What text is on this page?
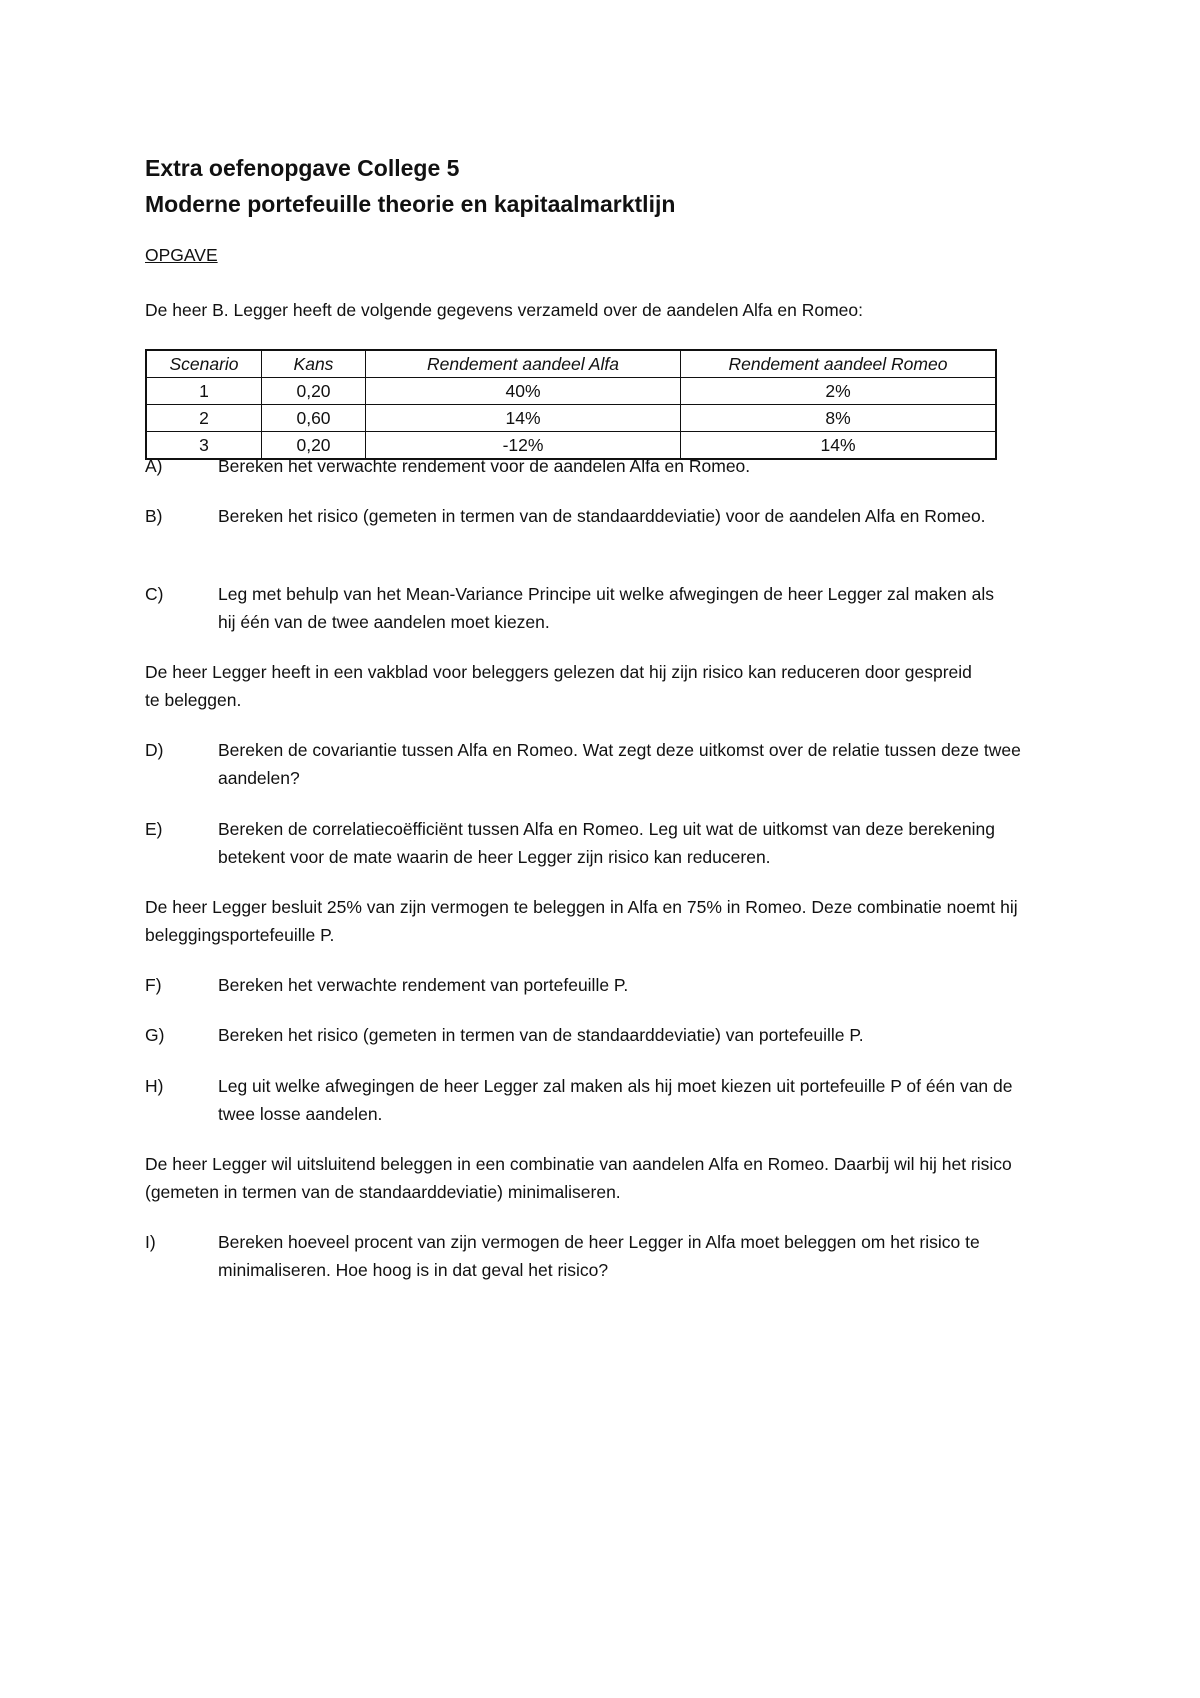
Extra oefenopgave College 5

Moderne portefeuille theorie en kapitaalmarktlijn

OPGAVE

De heer B. Legger heeft de volgende gegevens verzameld over de aandelen Alfa en Romeo:

Scenario	Kans	Rendement aandeel Alfa	Rendement aandeel Romeo
1	0,20	40%	2%
2	0,60	14%	8%
3	0,20	-12%	14%
A)	Bereken het verwachte rendement voor de aandelen Alfa en Romeo.
B)	Bereken het risico (gemeten in termen van de standaarddeviatie) voor de aandelen Alfa en Romeo.
C)	Leg met behulp van het Mean-Variance Principe uit welke afwegingen de heer Legger zal maken als hij één van de twee aandelen moet kiezen.

De heer Legger heeft in een vakblad voor beleggers gelezen dat hij zijn risico kan reduceren door gespreid te beleggen.

D)	Bereken de covariantie tussen Alfa en Romeo. Wat zegt deze uitkomst over de relatie tussen deze twee aandelen?
E)	Bereken de correlatiecoëfficiënt tussen Alfa en Romeo. Leg uit wat de uitkomst van deze berekening betekent voor de mate waarin de heer Legger zijn risico kan reduceren.

De heer Legger besluit 25% van zijn vermogen te beleggen in Alfa en 75% in Romeo. Deze combinatie noemt hij beleggingsportefeuille P.

F)	Bereken het verwachte rendement van portefeuille P.
G)	Bereken het risico (gemeten in termen van de standaarddeviatie) van portefeuille P.
H)	Leg uit welke afwegingen de heer Legger zal maken als hij moet kiezen uit portefeuille P of één van de twee losse aandelen.

De heer Legger wil uitsluitend beleggen in een combinatie van aandelen Alfa en Romeo. Daarbij wil hij het risico (gemeten in termen van de standaarddeviatie) minimaliseren.

I)	Bereken hoeveel procent van zijn vermogen de heer Legger in Alfa moet beleggen om het risico te minimaliseren. Hoe hoog is in dat geval het risico?
